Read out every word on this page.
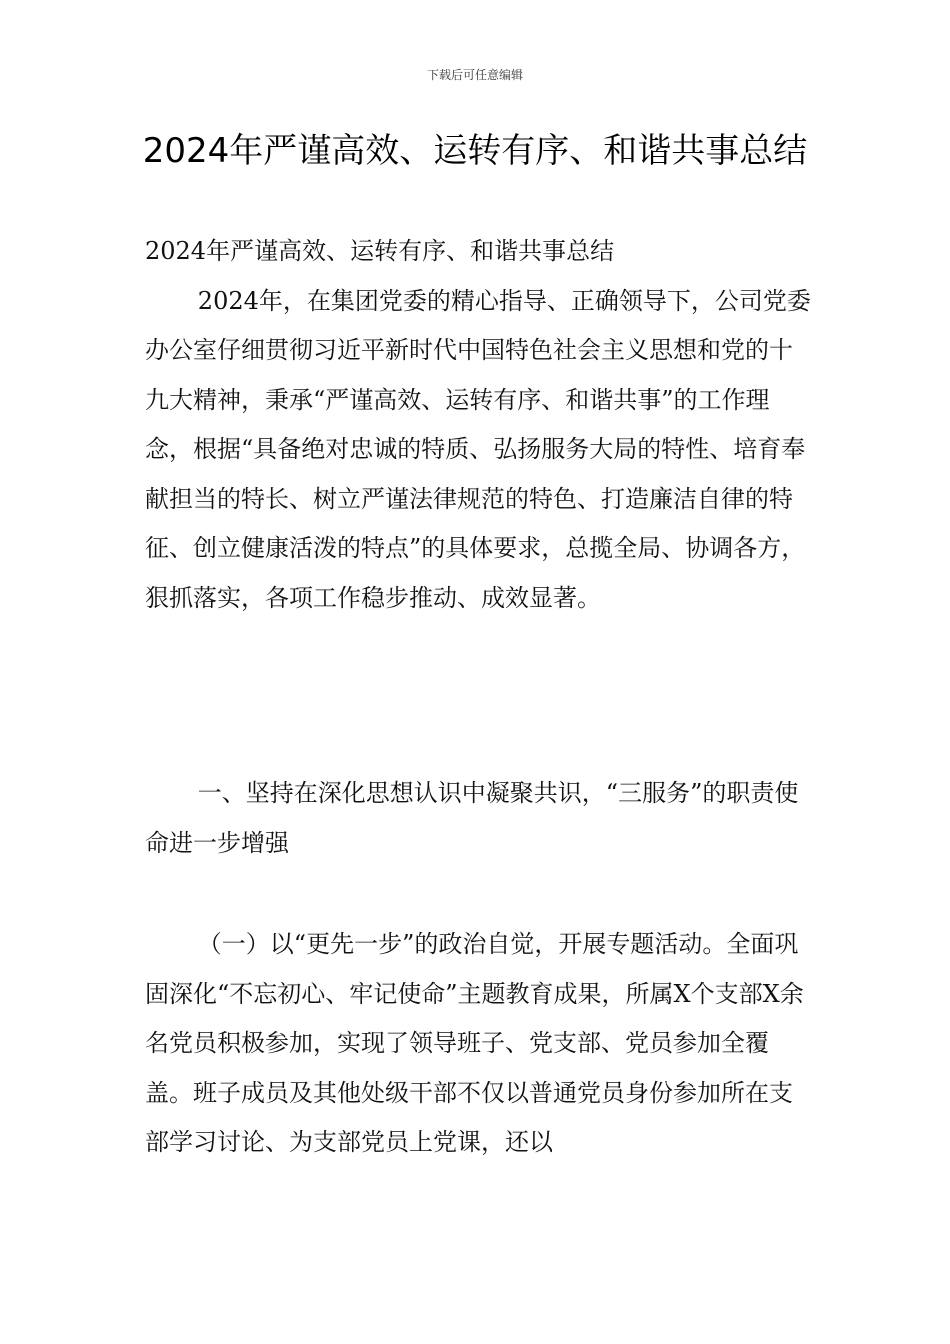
下载后可任意编辑
2024年严谨高效、运转有序、和谐共事总结

2024年严谨高效、运转有序、和谐共事总结

2024年，在集团党委的精心指导、正确领导下，公司党委办公室仔细贯彻习近平新时代中国特色社会主义思想和党的十九大精神，秉承“严谨高效、运转有序、和谐共事”的工作理念，根据“具备绝对忠诚的特质、弘扬服务大局的特性、培育奉献担当的特长、树立严谨法律规范的特色、打造廉洁自律的特征、创立健康活泼的特点”的具体要求，总揽全局、协调各方，狠抓落实，各项工作稳步推动、成效显著。

一、坚持在深化思想认识中凝聚共识，“三服务”的职责使命进一步增强

（一）以“更先一步”的政治自觉，开展专题活动。全面巩固深化“不忘初心、牢记使命”主题教育成果，所属X个支部X余名党员积极参加，实现了领导班子、党支部、党员参加全覆盖。班子成员及其他处级干部不仅以普通党员身份参加所在支部学习讨论、为支部党员上党课，还以
